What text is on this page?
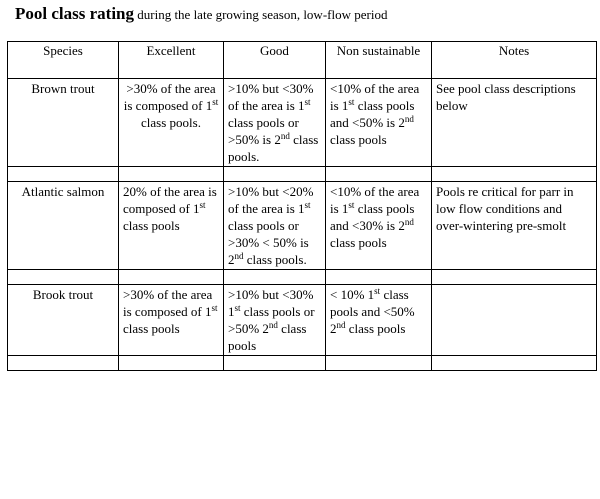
Pool class rating during the late growing season, low-flow period
Species	Excellent	Good	Non sustainable	Notes
Brown trout	>30% of the area is composed of 1st class pools.	>10% but <30% of the area is 1st class pools or >50% is 2nd class pools.	<10% of the area is 1st class pools and <50% is 2nd class pools	See pool class descriptions below

Atlantic salmon	20% of the area is composed of 1st class pools	>10% but <20% of the area is 1st class pools or >30% < 50% is 2nd class pools.	<10% of the area is 1st class pools and <30% is 2nd class pools	Pools re critical for parr in low flow conditions and over-wintering pre-smolt

Brook trout	>30% of the area is composed of 1st class pools	>10% but <30% 1st class pools or >50% 2nd class pools	< 10% 1st class pools and <50% 2nd class pools	
